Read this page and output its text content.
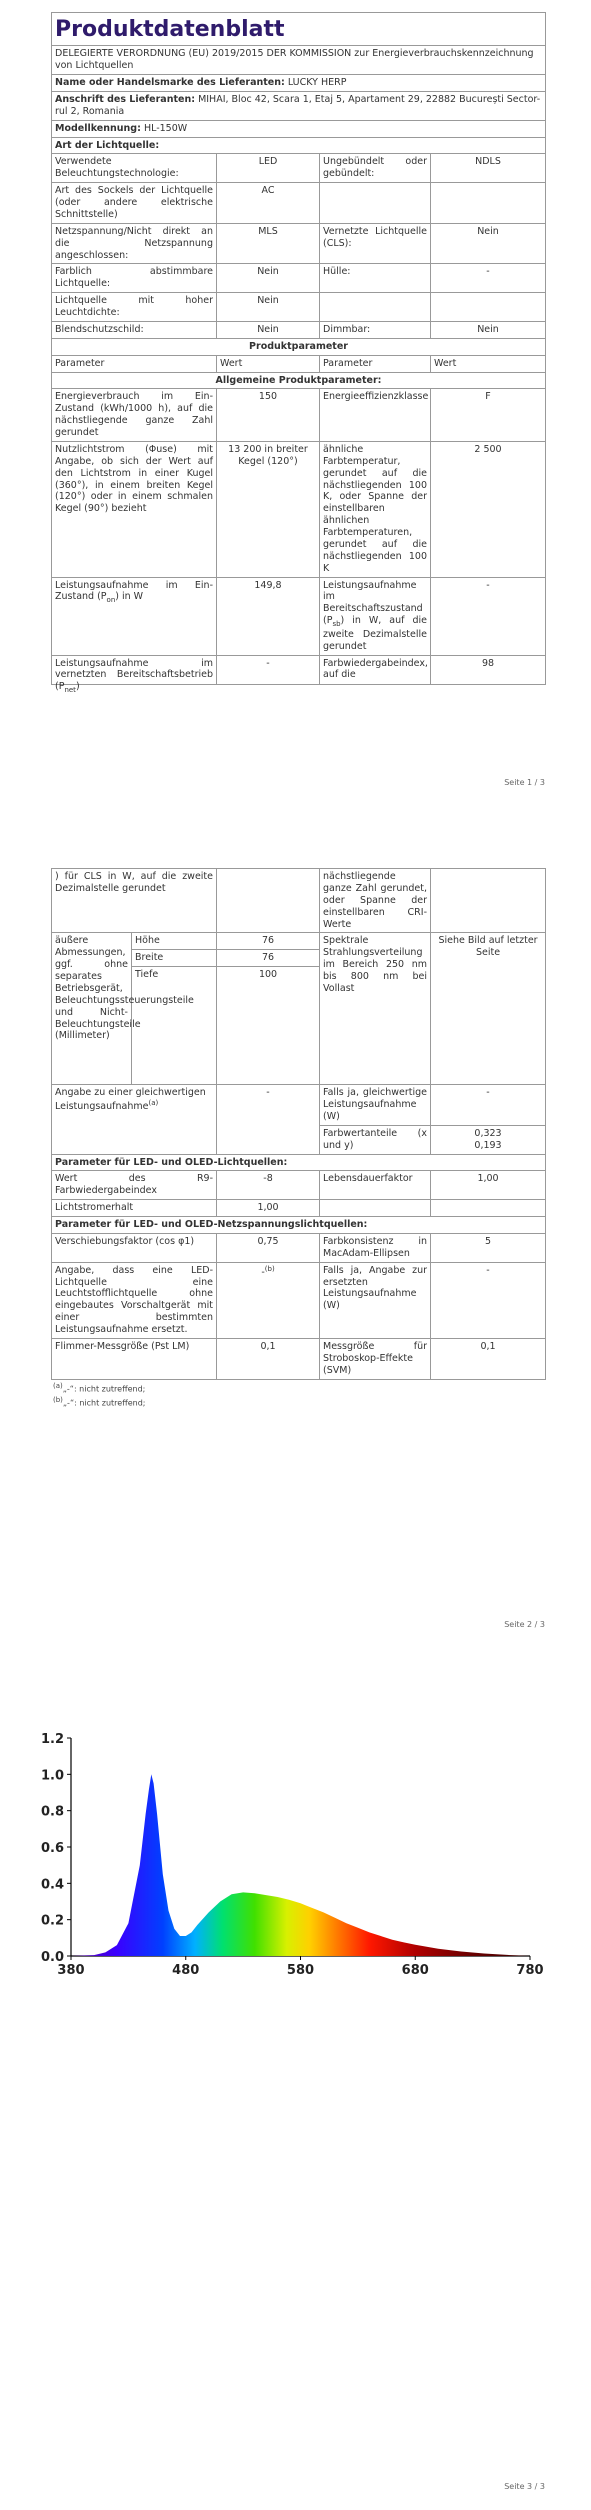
Produktdatenblatt			
DELEGIERTE VERORDNUNG (EU) 2019/2015 DER KOMMISSION zur Energieverbrauchskennzeichnung von Lichtquellen			
Name oder Handelsmarke des Lieferanten: LUCKY HERP			
Anschrift des Lieferanten: MIHAI, Bloc 42, Scara 1, Etaj 5, Apartament 29, 22882 București Sector-rul 2, Romania			
Modellkennung: HL-150W			
Art der Lichtquelle:			
Verwendete Beleuchtungstechnologie:	LED	Ungebündelt oder gebündelt:	NDLS
Art des Sockels der Lichtquelle (oder andere elektrische Schnittstelle)	AC		
Netzspannung/Nicht direkt an die Netzspannung angeschlossen:	MLS	Vernetzte Lichtquelle (CLS):	Nein
Farblich abstimmbare Lichtquelle:	Nein	Hülle:	-
Lichtquelle mit hoher Leuchtdichte:	Nein		
Blendschutzschild:	Nein	Dimmbar:	Nein
Produktparameter			
Parameter	Wert	Parameter	Wert
Allgemeine Produktparameter:			
Energieverbrauch im Ein-Zustand (kWh/1000 h), auf die nächstliegende ganze Zahl gerundet	150	Energieeffizienzklasse	F
Nutzlichtstrom (Φuse) mit Angabe, ob sich der Wert auf den Lichtstrom in einer Kugel (360°), in einem breiten Kegel (120°) oder in einem schmalen Kegel (90°) bezieht	13 200 in breiter Kegel (120°)	ähnliche Farbtemperatur, gerundet auf die nächstliegenden 100 K, oder Spanne der einstellbaren ähnlichen Farbtemperaturen, gerundet auf die nächstliegenden 100 K	2 500
Leistungsaufnahme im Ein-Zustand $(P_{on})$ in W	149,8	Leistungsaufnahme im Bereitschaftszustand $(P_{sb})$ in W, auf die zweite Dezimalstelle gerundet	-

Leistungsaufnahme im vernetzten Bereitschaftsbetrieb $(P_{net})$	-	Farbwiedergabeindex, auf die	98
Seite 1 / 3
) für CLS in W, auf die zweite Dezimalstelle gerundet			nächstliegende ganze Zahl gerundet, oder Spanne der einstellbaren CRI-Werte	
äußere Abmessungen, ggf. ohne separates Betriebsgerät, Beleuchtungssteuerungsteile und Nicht-Beleuchtungsteile (Millimeter)	Höhe	76	Spektrale Strahlungsverteilung im Bereich 250 nm bis 800 nm bei Vollast	Siehe Bild auf letzter Seite
	Breite	76		
	Tiefe	100		
Angabe zu einer gleichwertigen Leistungsaufnahme$^{(a)}$		-	Falls ja, gleichwertige Leistungsaufnahme (W)	-
			Farbwertanteile (x und y)	0,323
0,193

Parameter für LED- und OLED-Lichtquellen:				
Wert des R9-Farbwiedergabeindex		-8	Lebensdauerfaktor	1,00
Lichtstromerhalt		1,00		
Parameter für LED- und OLED-Netzspannungslichtquellen:				
Verschiebungsfaktor (cos φ1)		0,75	Farbkonsistenz in MacAdam-Ellipsen	5
Angabe, dass eine LED-Lichtquelle eine Leuchtstofflichtquelle ohne eingebautes Vorschaltgerät mit einer bestimmten Leistungsaufnahme ersetzt.		-$^{(b)}$	Falls ja, Angabe zur ersetzten Leistungsaufnahme (W)	-
Flimmer-Messgröße (Pst LM)		0,1	Messgröße für Stroboskop-Effekte (SVM)	0,1
$^{(a)}$„-“: nicht zutreffend;
$^{(b)}$„-“: nicht zutreffend;
Seite 2 / 3
0.0
0.2
0.4
0.6
0.8
1.0
1.2
380	480	580	680	780
Seite 3 / 3
